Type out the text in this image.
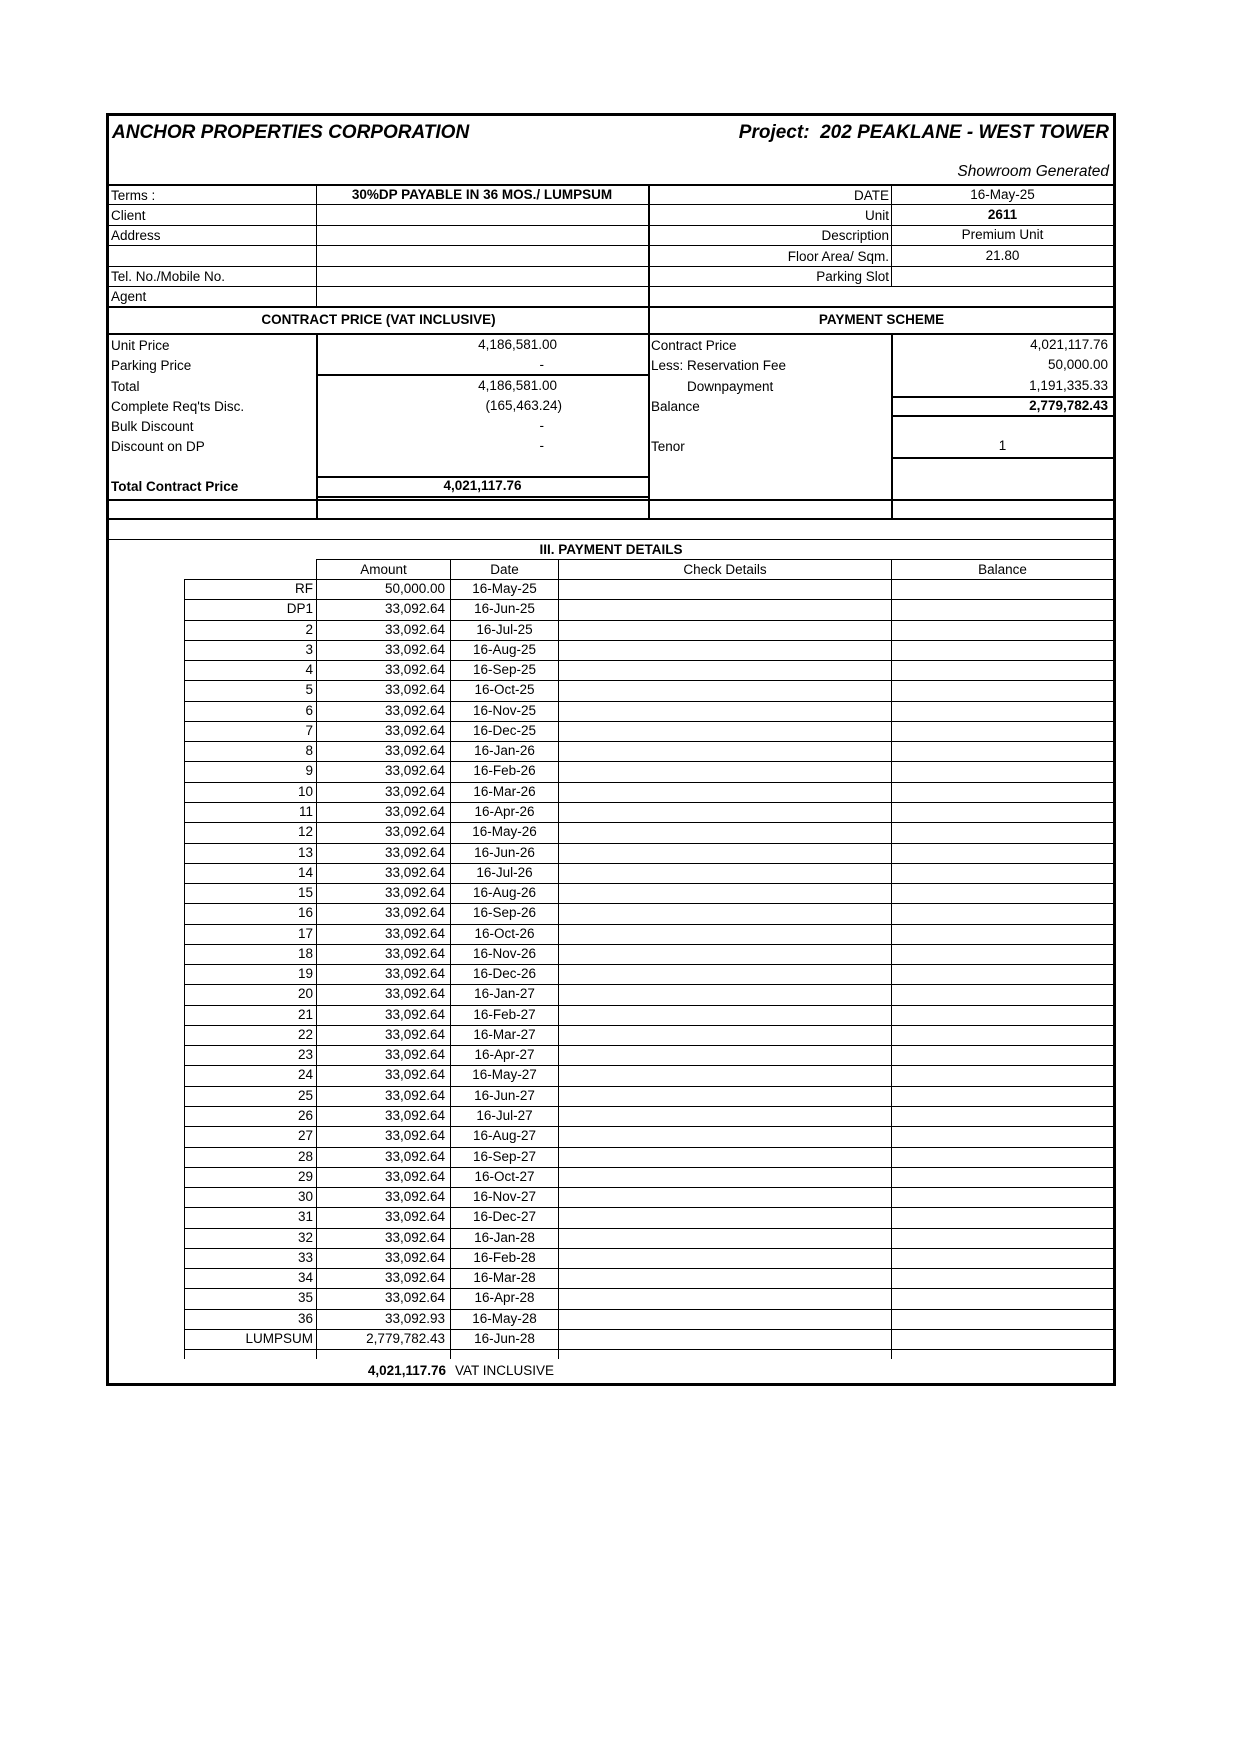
ANCHOR PROPERTIES CORPORATION	Project: 202 PEAKLANE - WEST TOWER
Showroom Generated
Terms :	30%DP PAYABLE IN 36 MOS./ LUMPSUM
Client
Address
Tel. No./Mobile No.
Agent
DATE	16-May-25
Unit	2611
Description	Premium Unit
Floor Area/ Sqm.	21.80
Parking Slot
CONTRACT PRICE (VAT INCLUSIVE)	PAYMENT SCHEME
Unit Price	4,186,581.00
Parking Price	-
Total	4,186,581.00
Complete Req'ts Disc.	(165,463.24)
Bulk Discount	-
Discount on DP	-
Total Contract Price	4,021,117.76
Contract Price	4,021,117.76
Less: Reservation Fee	50,000.00
Downpayment	1,191,335.33
Balance	2,779,782.43
Tenor	1
III. PAYMENT DETAILS
Amount	Date	Check Details	Balance
RF	50,000.00	16-May-25
DP1	33,092.64	16-Jun-25
2	33,092.64	16-Jul-25
3	33,092.64	16-Aug-25
4	33,092.64	16-Sep-25
5	33,092.64	16-Oct-25
6	33,092.64	16-Nov-25
7	33,092.64	16-Dec-25
8	33,092.64	16-Jan-26
9	33,092.64	16-Feb-26
10	33,092.64	16-Mar-26
11	33,092.64	16-Apr-26
12	33,092.64	16-May-26
13	33,092.64	16-Jun-26
14	33,092.64	16-Jul-26
15	33,092.64	16-Aug-26
16	33,092.64	16-Sep-26
17	33,092.64	16-Oct-26
18	33,092.64	16-Nov-26
19	33,092.64	16-Dec-26
20	33,092.64	16-Jan-27
21	33,092.64	16-Feb-27
22	33,092.64	16-Mar-27
23	33,092.64	16-Apr-27
24	33,092.64	16-May-27
25	33,092.64	16-Jun-27
26	33,092.64	16-Jul-27
27	33,092.64	16-Aug-27
28	33,092.64	16-Sep-27
29	33,092.64	16-Oct-27
30	33,092.64	16-Nov-27
31	33,092.64	16-Dec-27
32	33,092.64	16-Jan-28
33	33,092.64	16-Feb-28
34	33,092.64	16-Mar-28
35	33,092.64	16-Apr-28
36	33,092.93	16-May-28
LUMPSUM	2,779,782.43	16-Jun-28
4,021,117.76 VAT INCLUSIVE
